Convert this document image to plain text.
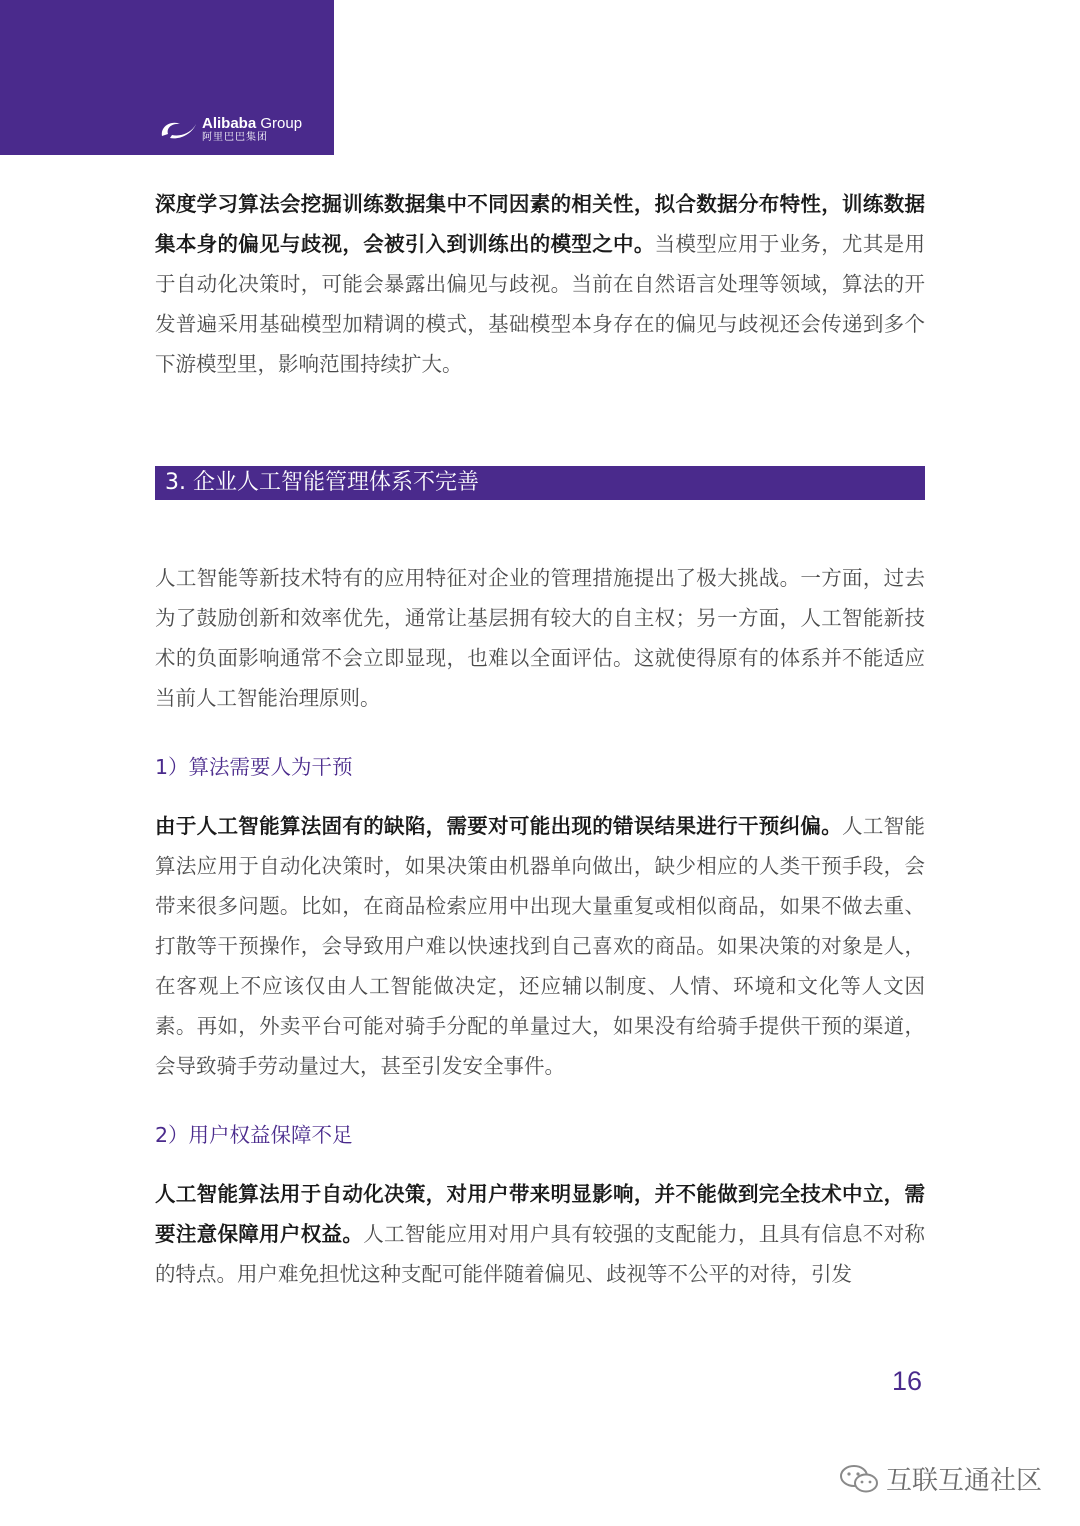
Alibaba Group
阿里巴巴集团

深度学习算法会挖掘训练数据集中不同因素的相关性，拟合数据分布特性，训练数据集本身的偏见与歧视，会被引入到训练出的模型之中。当模型应用于业务，尤其是用于自动化决策时，可能会暴露出偏见与歧视。当前在自然语言处理等领域，算法的开发普遍采用基础模型加精调的模式，基础模型本身存在的偏见与歧视还会传递到多个下游模型里，影响范围持续扩大。

3. 企业人工智能管理体系不完善

人工智能等新技术特有的应用特征对企业的管理措施提出了极大挑战。一方面，过去为了鼓励创新和效率优先，通常让基层拥有较大的自主权；另一方面，人工智能新技术的负面影响通常不会立即显现，也难以全面评估。这就使得原有的体系并不能适应当前人工智能治理原则。

1）算法需要人为干预

由于人工智能算法固有的缺陷，需要对可能出现的错误结果进行干预纠偏。人工智能算法应用于自动化决策时，如果决策由机器单向做出，缺少相应的人类干预手段，会带来很多问题。比如，在商品检索应用中出现大量重复或相似商品，如果不做去重、打散等干预操作，会导致用户难以快速找到自己喜欢的商品。如果决策的对象是人，在客观上不应该仅由人工智能做决定，还应辅以制度、人情、环境和文化等人文因素。再如，外卖平台可能对骑手分配的单量过大，如果没有给骑手提供干预的渠道，会导致骑手劳动量过大，甚至引发安全事件。

2）用户权益保障不足

人工智能算法用于自动化决策，对用户带来明显影响，并不能做到完全技术中立，需要注意保障用户权益。人工智能应用对用户具有较强的支配能力，且具有信息不对称的特点。用户难免担忧这种支配可能伴随着偏见、歧视等不公平的对待，引发

16
互联互通社区
